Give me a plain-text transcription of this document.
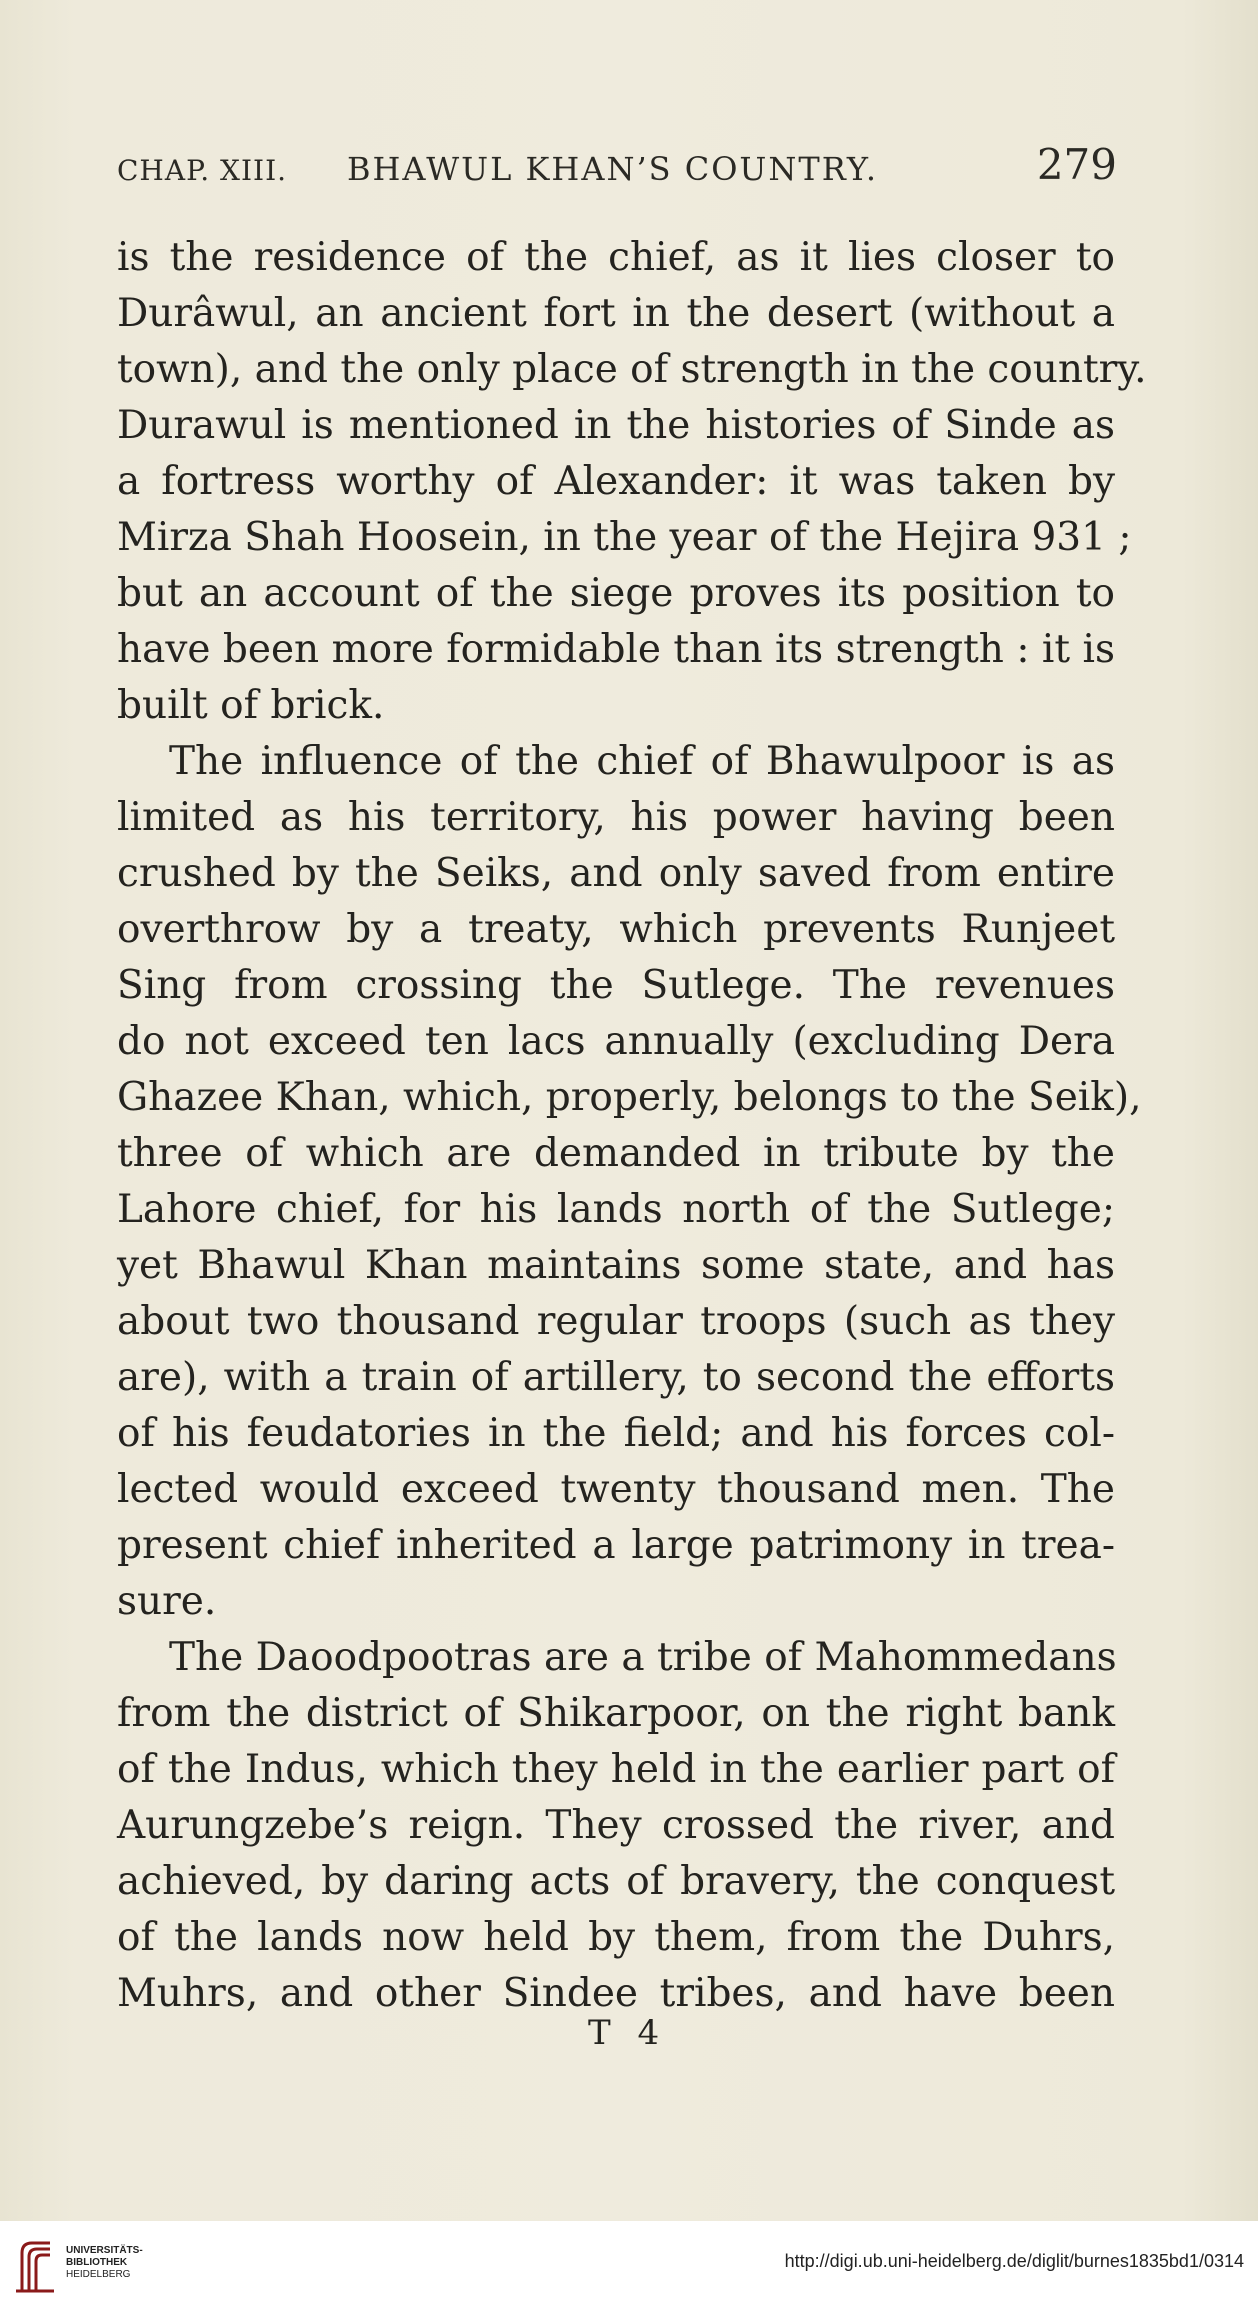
CHAP. XIII. BHAWUL KHAN’S COUNTRY.	279
is the residence of the chief, as it lies closer to
Durâwul, an ancient fort in the desert (without a
town), and the only place of strength in the country.
Durawul is mentioned in the histories of Sinde as
a fortress worthy of Alexander: it was taken by
Mirza Shah Hoosein, in the year of the Hejira 931 ;
but an account of the siege proves its position to
have been more formidable than its strength : it is
built of brick.
The influence of the chief of Bhawulpoor is as
limited as his territory, his power having been
crushed by the Seiks, and only saved from entire
overthrow by a treaty, which prevents Runjeet
Sing from crossing the Sutlege. The revenues
do not exceed ten lacs annually (excluding Dera
Ghazee Khan, which, properly, belongs to the Seik),
three of which are demanded in tribute by the
Lahore chief, for his lands north of the Sutlege;
yet Bhawul Khan maintains some state, and has
about two thousand regular troops (such as they
are), with a train of artillery, to second the efforts
of his feudatories in the field; and his forces col-
lected would exceed twenty thousand men. The
present chief inherited a large patrimony in trea-
sure.
The Daoodpootras are a tribe of Mahommedans
from the district of Shikarpoor, on the right bank
of the Indus, which they held in the earlier part of
Aurungzebe’s reign. They crossed the river, and
achieved, by daring acts of bravery, the conquest
of the lands now held by them, from the Duhrs,
Muhrs, and other Sindee tribes, and have been
T 4
UNIVERSITÄTS-
BIBLIOTHEK
HEIDELBERG
http://digi.ub.uni-heidelberg.de/diglit/burnes1835bd1/0314
